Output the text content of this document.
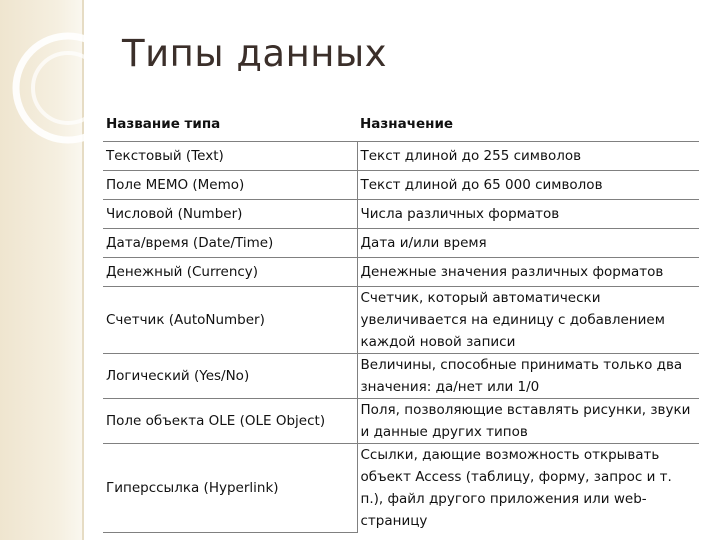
Типы данных
Название типа	Назначение
Текстовый (Text)	Текст длиной до 255 символов
Поле MEMO (Memo)	Текст длиной до 65 000 символов
Числовой (Number)	Числа различных форматов
Дата/время (Date/Time)	Дата и/или время
Денежный (Currency)	Денежные значения различных форматов
Счетчик (AutoNumber)	Счетчик, который автоматически увеличивается на единицу с добавлением каждой новой записи
Логический (Yes/No)	Величины, способные принимать только два значения: да/нет или 1/0
Поле объекта OLE (OLE Object)	Поля, позволяющие вставлять рисунки, звуки и данные других типов
Гиперссылка (Hyperlink)	Ссылки, дающие возможность открывать объект Access (таблицу, форму, запрос и т. п.), файл другого приложения или web-страницу
